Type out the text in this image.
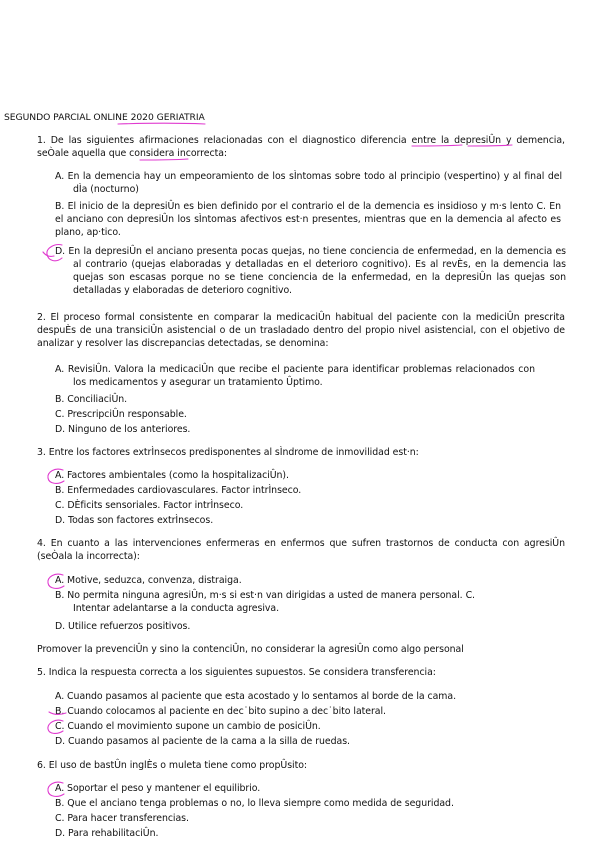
SEGUNDO PARCIAL ONLINE 2020 GERIATRIA
1. De las siguientes afirmaciones relacionadas con el diagnostico diferencia entre la depresiÛn y demencia, seÒale aquella que considera incorrecta:
A. En la demencia hay un empeoramiento de los sÌntomas sobre todo al principio (vespertino) y al final del dÌa (nocturno)
B. El inicio de la depresiÛn es bien definido por el contrario el de la demencia es insidioso y m·s lento C. En el anciano con depresiÛn los sÌntomas afectivos est·n presentes, mientras que en la demencia al afecto es plano, ap·tico.
D. En la depresiÛn el anciano presenta pocas quejas, no tiene conciencia de enfermedad, en la demencia es al contrario (quejas elaboradas y detalladas en el deterioro cognitivo). Es al revÈs, en la demencia las quejas son escasas porque no se tiene conciencia de la enfermedad, en la depresiÛn las quejas son detalladas y elaboradas de deterioro cognitivo.
2. El proceso formal consistente en comparar la medicaciÛn habitual del paciente con la mediciÛn prescrita despuÈs de una transiciÛn asistencial o de un trasladado dentro del propio nivel asistencial, con el objetivo de analizar y resolver las discrepancias detectadas, se denomina:
A. RevisiÛn. Valora la medicaciÛn que recibe el paciente para identificar problemas relacionados con los medicamentos y asegurar un tratamiento Ûptimo.
B. ConciliaciÛn.
C. PrescripciÛn responsable.
D. Ninguno de los anteriores.
3. Entre los factores extrÌnsecos predisponentes al sÌndrome de inmovilidad est·n:
A. Factores ambientales (como la hospitalizaciÛn).
B. Enfermedades cardiovasculares. Factor intrÌnseco.
C. DÈficits sensoriales. Factor intrÌnseco.
D. Todas son factores extrÌnsecos.
4. En cuanto a las intervenciones enfermeras en enfermos que sufren trastornos de conducta con agresiÛn (seÒala la incorrecta):
A. Motive, seduzca, convenza, distraiga.
B. No permita ninguna agresiÛn, m·s si est·n van dirigidas a usted de manera personal. C. Intentar adelantarse a la conducta agresiva.
D. Utilice refuerzos positivos.
Promover la prevenciÛn y sino la contenciÛn, no considerar la agresiÛn como algo personal
5. Indica la respuesta correcta a los siguientes supuestos. Se considera transferencia:
A. Cuando pasamos al paciente que esta acostado y lo sentamos al borde de la cama.
B. Cuando colocamos al paciente en dec˙bito supino a dec˙bito lateral.
C. Cuando el movimiento supone un cambio de posiciÛn.
D. Cuando pasamos al paciente de la cama a la silla de ruedas.
6. El uso de bastÛn inglÈs o muleta tiene como propÛsito:
A. Soportar el peso y mantener el equilibrio.
B. Que el anciano tenga problemas o no, lo lleva siempre como medida de seguridad.
C. Para hacer transferencias.
D. Para rehabilitaciÛn.
